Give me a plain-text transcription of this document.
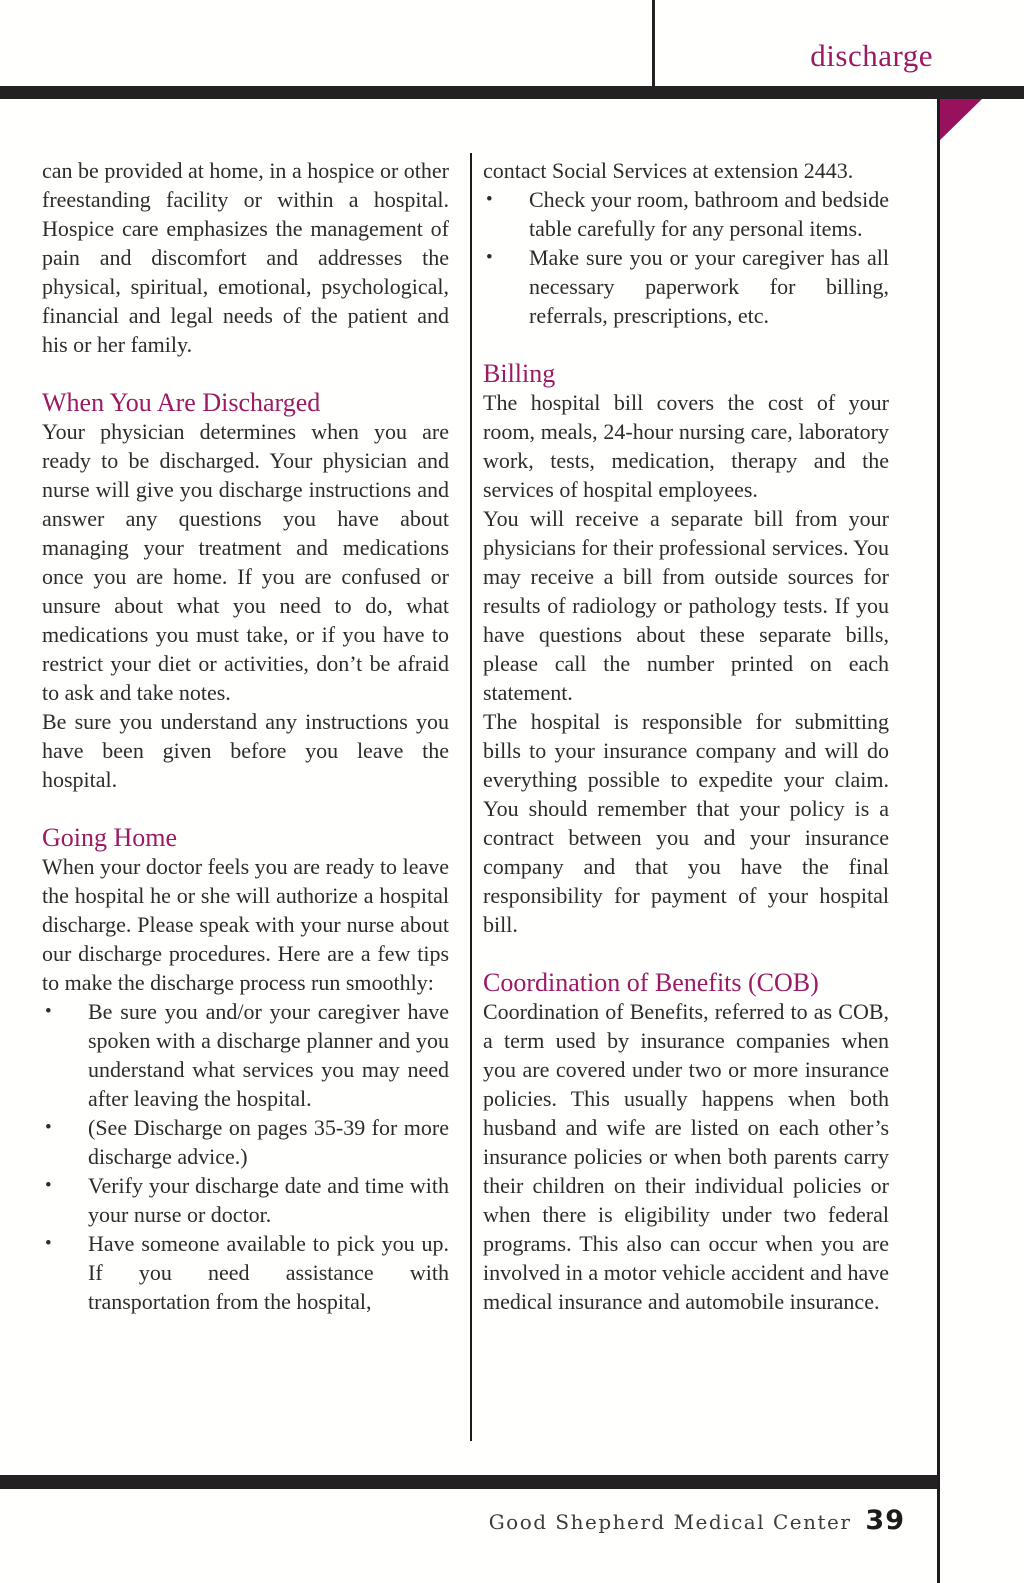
discharge

can be provided at home, in a hospice or other freestanding facility or within a hospital. Hospice care emphasizes the management of pain and discomfort and addresses the physical, spiritual, emotional, psychological, financial and legal needs of the patient and his or her family.

When You Are Discharged

Your physician determines when you are ready to be discharged. Your physician and nurse will give you discharge instructions and answer any questions you have about managing your treatment and medications once you are home. If you are confused or unsure about what you need to do, what medications you must take, or if you have to restrict your diet or activities, don’t be afraid to ask and take notes.

Be sure you understand any instructions you have been given before you leave the hospital.

Going Home

When your doctor feels you are ready to leave the hospital he or she will authorize a hospital discharge. Please speak with your nurse about our discharge procedures. Here are a few tips to make the discharge process run smoothly:

•	Be sure you and/or your caregiver have spoken with a discharge planner and you understand what services you may need after leaving the hospital.
•	(See Discharge on pages 35-39 for more discharge advice.)
•	Verify your discharge date and time with your nurse or doctor.
•	Have someone available to pick you up. If you need assistance with transportation from the hospital,

contact Social Services at extension 2443.

•	Check your room, bathroom and bedside table carefully for any personal items.
•	Make sure you or your caregiver has all necessary paperwork for billing, referrals, prescriptions, etc.
Billing

The hospital bill covers the cost of your room, meals, 24-hour nursing care, laboratory work, tests, medication, therapy and the services of hospital employees.

You will receive a separate bill from your physicians for their professional services. You may receive a bill from outside sources for results of radiology or pathology tests. If you have questions about these separate bills, please call the number printed on each statement.

The hospital is responsible for submitting bills to your insurance company and will do everything possible to expedite your claim. You should remember that your policy is a contract between you and your insurance company and that you have the final responsibility for payment of your hospital bill.

Coordination of Benefits (COB)

Coordination of Benefits, referred to as COB, a term used by insurance companies when you are covered under two or more insurance policies. This usually happens when both husband and wife are listed on each other’s insurance policies or when both parents carry their children on their individual policies or when there is eligibility under two federal programs. This also can occur when you are involved in a motor vehicle accident and have medical insurance and automobile insurance.

Good Shepherd Medical Center 39
